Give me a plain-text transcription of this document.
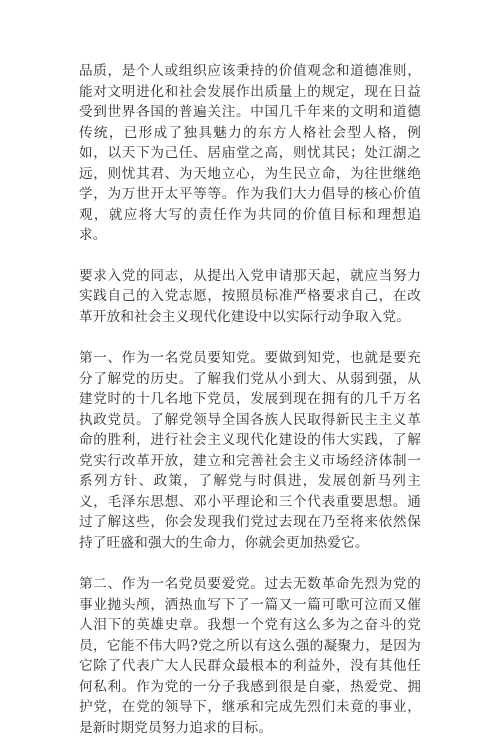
品质，是个人或组织应该秉持的价值观念和道德准则，能对文明进化和社会发展作出质量上的规定，现在日益受到世界各国的普遍关注。中国几千年来的文明和道德传统，已形成了独具魅力的东方人格社会型人格，例如，以天下为己任、居庙堂之高，则忧其民；处江湖之远，则忧其君、为天地立心，为生民立命，为往世继绝学，为万世开太平等等。作为我们大力倡导的核心价值观，就应将大写的责任作为共同的价值目标和理想追求。

要求入党的同志，从提出入党申请那天起，就应当努力实践自己的入党志愿，按照员标准严格要求自己，在改革开放和社会主义现代化建设中以实际行动争取入党。

第一、作为一名党员要知党。要做到知党，也就是要充分了解党的历史。了解我们党从小到大、从弱到强，从建党时的十几名地下党员，发展到现在拥有的几千万名执政党员。了解党领导全国各族人民取得新民主主义革命的胜利，进行社会主义现代化建设的伟大实践，了解党实行改革开放，建立和完善社会主义市场经济体制一系列方针、政策，了解党与时俱进，发展创新马列主义，毛泽东思想、邓小平理论和三个代表重要思想。通过了解这些，你会发现我们党过去现在乃至将来依然保持了旺盛和强大的生命力，你就会更加热爱它。

第二、作为一名党员要爱党。过去无数革命先烈为党的事业抛头颅，洒热血写下了一篇又一篇可歌可泣而又催人泪下的英雄史章。我想一个党有这么多为之奋斗的党员，它能不伟大吗?党之所以有这么强的凝聚力，是因为它除了代表广大人民群众最根本的利益外，没有其他任何私利。作为党的一分子我感到很是自豪，热爱党、拥护党，在党的领导下，继承和完成先烈们未竟的事业，是新时期党员努力追求的目标。
